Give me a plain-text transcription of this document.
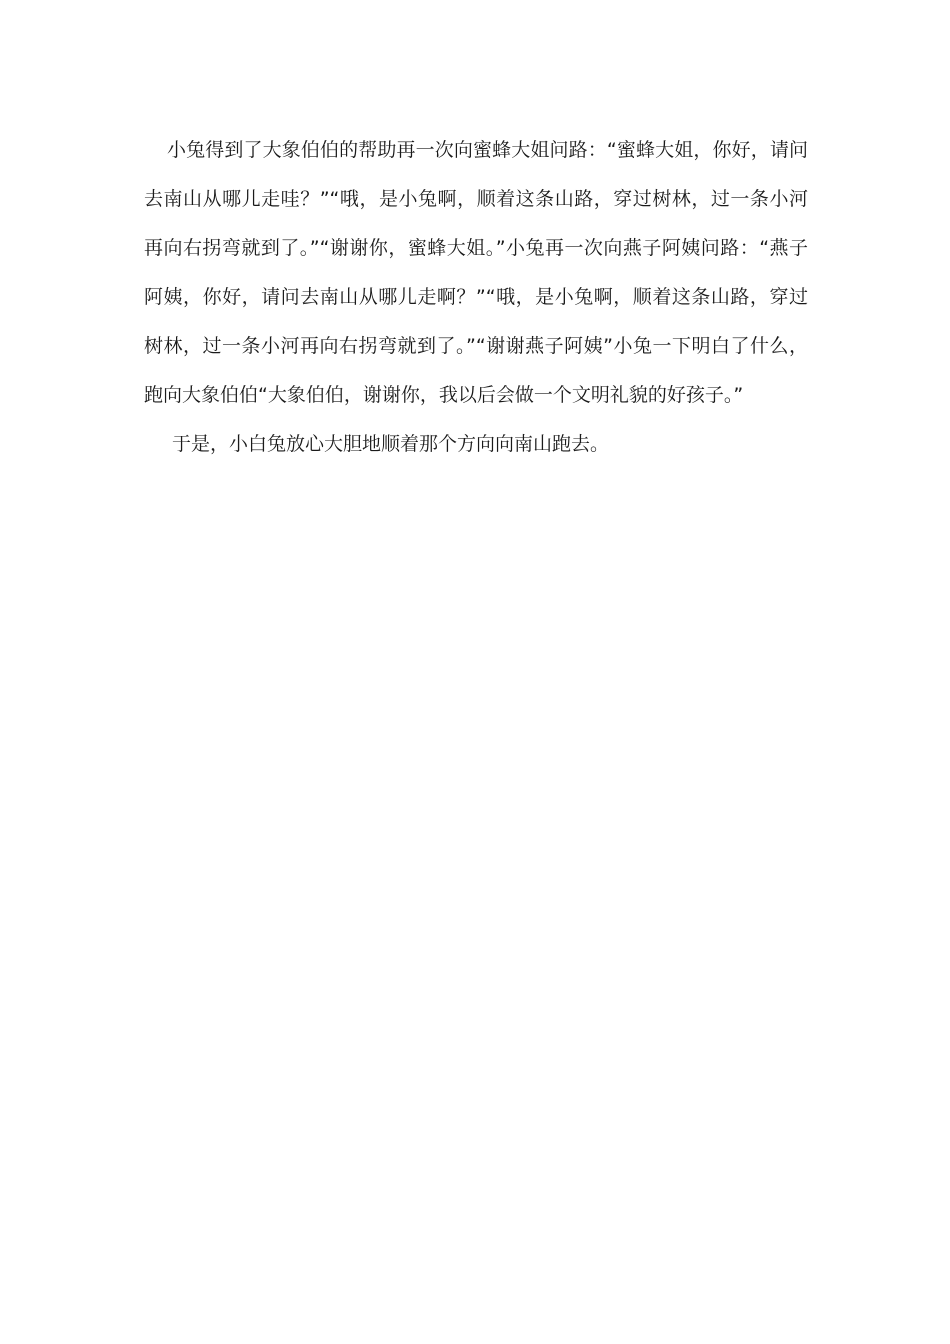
小兔得到了大象伯伯的帮助再一次向蜜蜂大姐问路：“蜜蜂大姐，你好，请问去南山从哪儿走哇？”“哦，是小兔啊，顺着这条山路，穿过树林，过一条小河再向右拐弯就到了。”“谢谢你，蜜蜂大姐。”小兔再一次向燕子阿姨问路：“燕子阿姨，你好，请问去南山从哪儿走啊？”“哦，是小兔啊，顺着这条山路，穿过树林，过一条小河再向右拐弯就到了。”“谢谢燕子阿姨”小兔一下明白了什么，跑向大象伯伯“大象伯伯，谢谢你，我以后会做一个文明礼貌的好孩子。”

于是，小白兔放心大胆地顺着那个方向向南山跑去。
